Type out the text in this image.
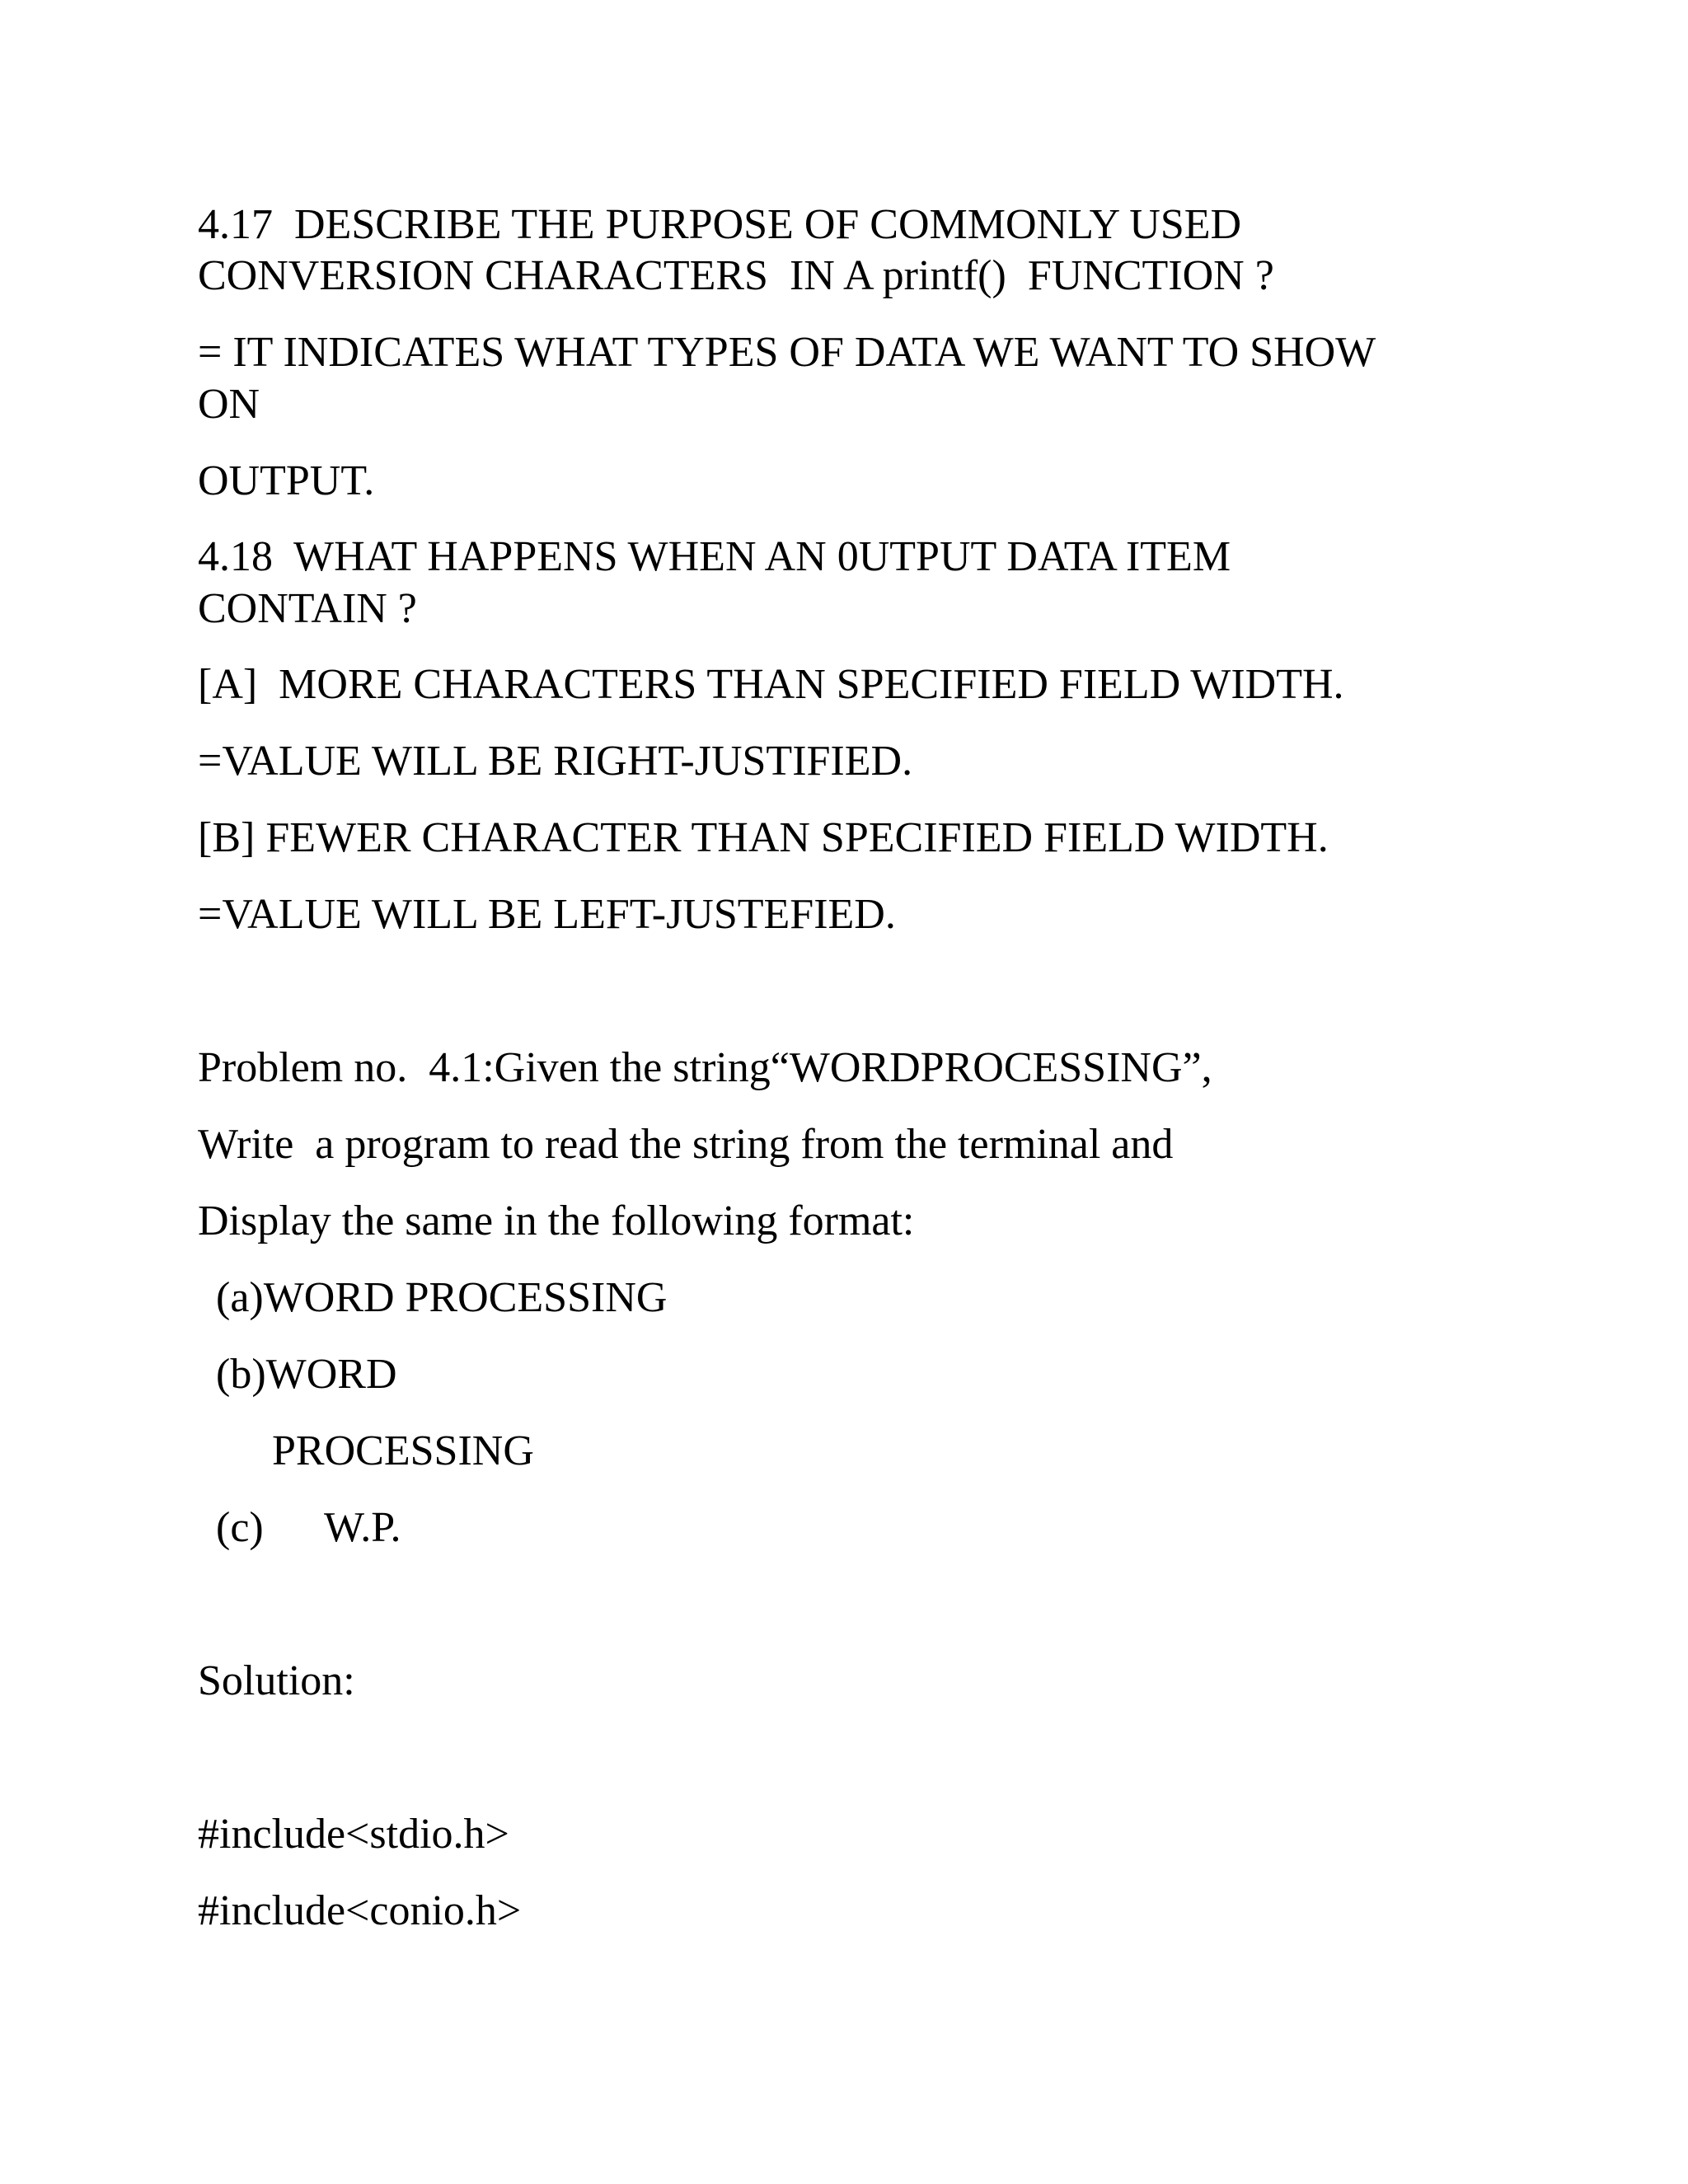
4.17  DESCRIBE THE PURPOSE OF COMMONLY USED

CONVERSION CHARACTERS  IN A printf()  FUNCTION ?

= IT INDICATES WHAT TYPES OF DATA WE WANT TO SHOW

ON

OUTPUT.

4.18  WHAT HAPPENS WHEN AN 0UTPUT DATA ITEM

CONTAIN ?

[A]  MORE CHARACTERS THAN SPECIFIED FIELD WIDTH.

=VALUE WILL BE RIGHT-JUSTIFIED.

[B] FEWER CHARACTER THAN SPECIFIED FIELD WIDTH.

=VALUE WILL BE LEFT-JUSTEFIED.

Problem no.  4.1:Given the string“WORDPROCESSING”,

Write  a program to read the string from the terminal and

Display the same in the following format:

(a)WORD PROCESSING

(b)WORD

PROCESSING

(c) W.P.

Solution:

#include<stdio.h>

#include<conio.h>
